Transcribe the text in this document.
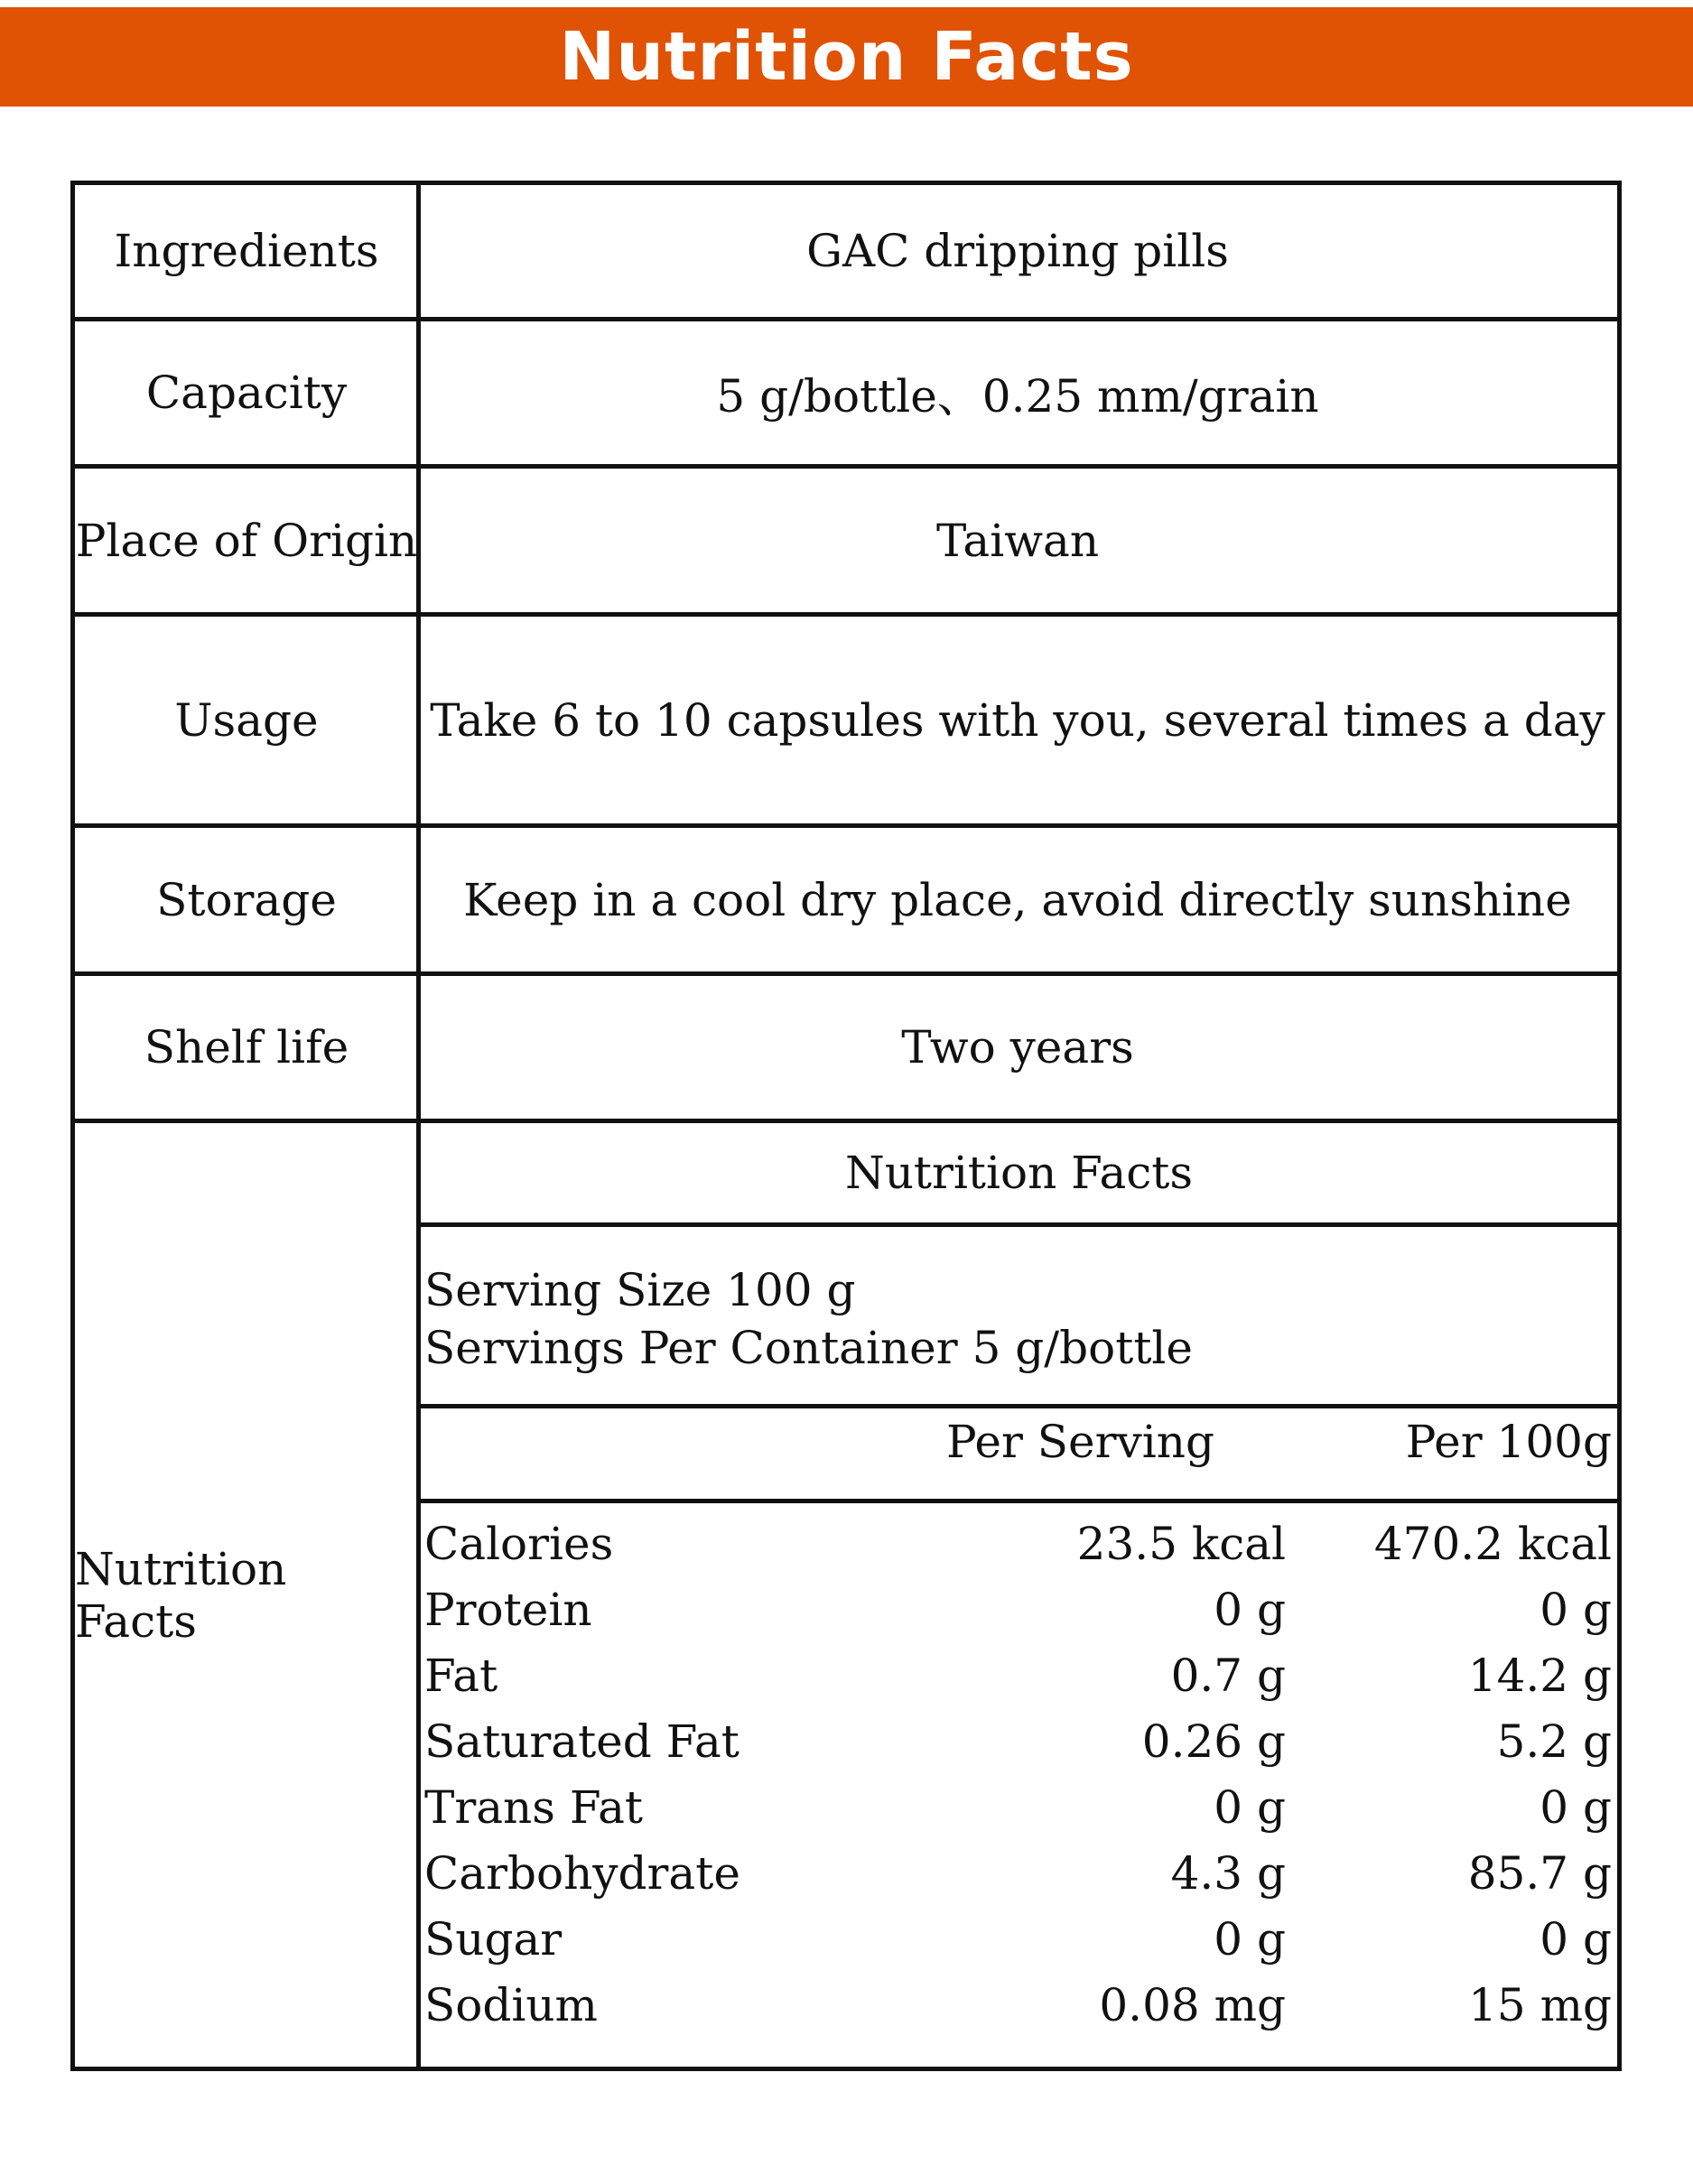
Nutrition Facts
Ingredients	GAC dripping pills
Capacity	5 g/bottle、0.25 mm/grain
Place of Origin	Taiwan
Usage	Take 6 to 10 capsules with you, several times a day
Storage	Keep in a cool dry place, avoid directly sunshine
Shelf life	Two years
Nutrition Facts
Nutrition Facts
Serving Size 100 g
Servings Per Container 5 g/bottle
Per Serving	Per 100g
Calories	23.5 kcal 470.2 kcal
Protein	0 g	0 g
Fat	0.7 g	14.2 g
Saturated Fat	0.26 g	5.2 g
Trans Fat	0 g	0 g
Carbohydrate	4.3 g	85.7 g
Sugar	0 g	0 g
Sodium	0.08 mg	15 mg
